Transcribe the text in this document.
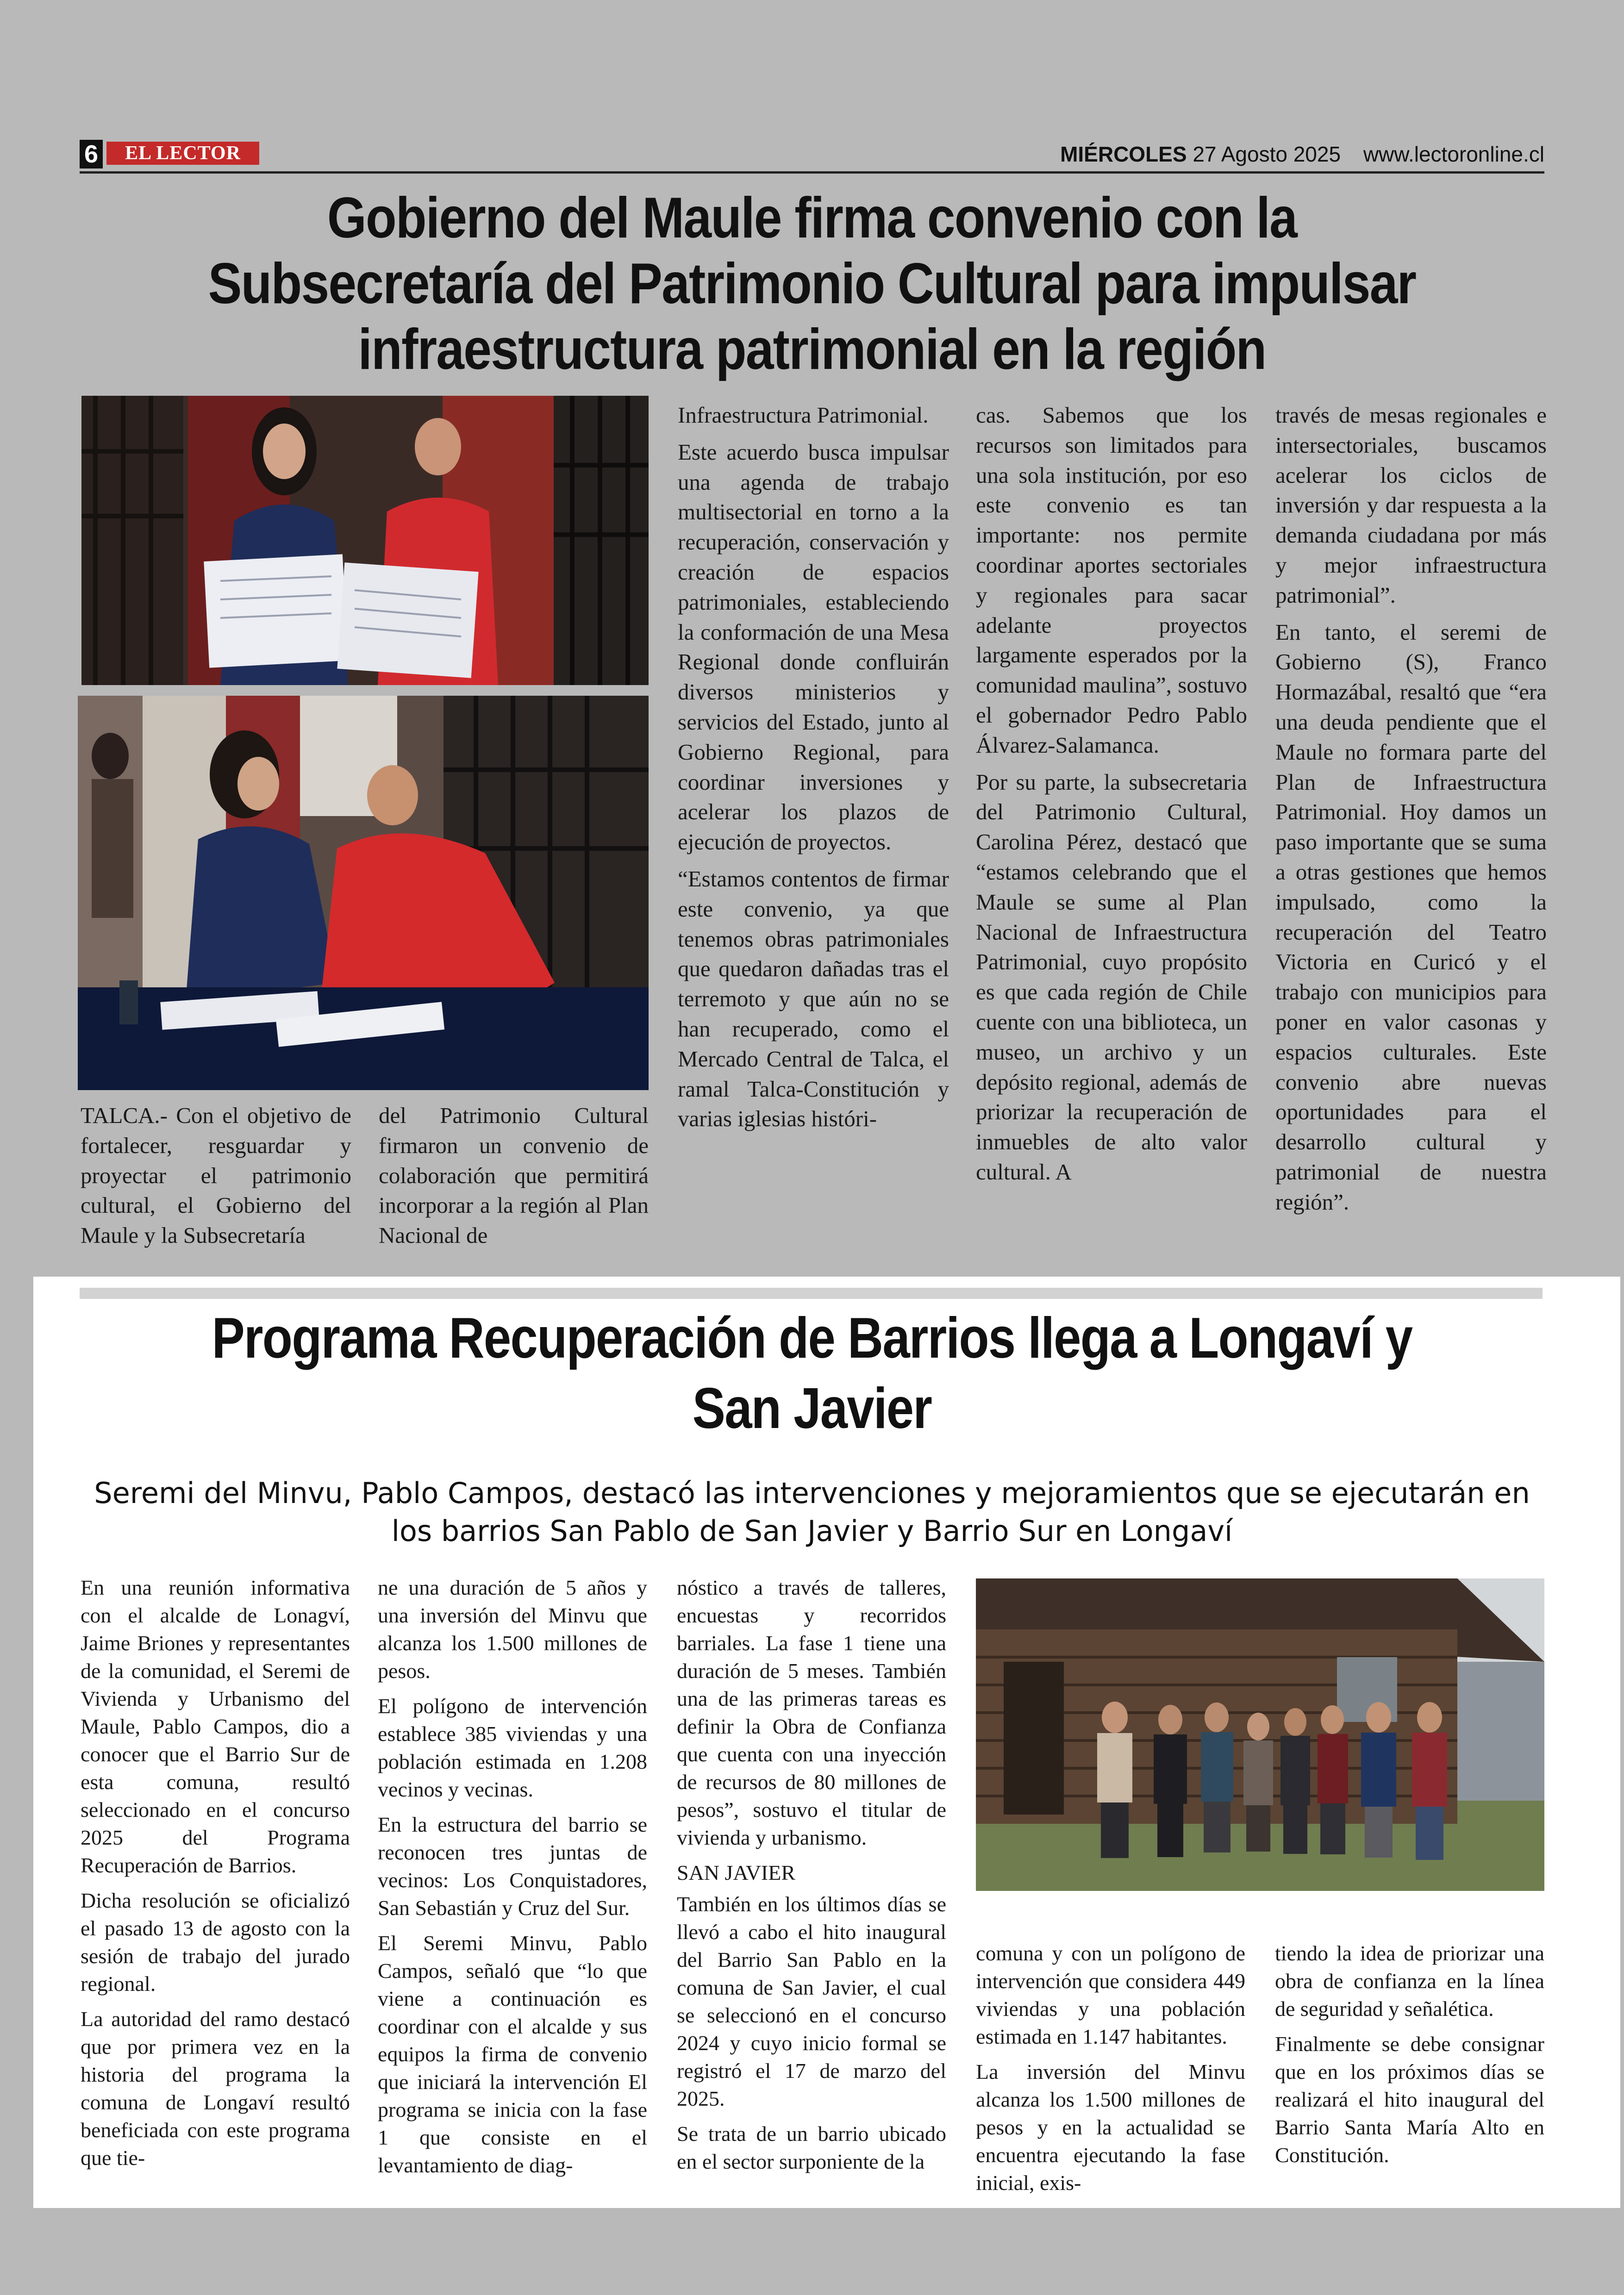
6	EL LECTOR	MIÉRCOLES 27 Agosto 2025 www.lectoronline.cl
Gobierno del Maule firma convenio con la Subsecretaría del Patrimonio Cultural para impulsar infraestructura patrimonial en la región

TALCA.- Con el objetivo de fortalecer, resguardar y proyectar el patrimonio cultural, el Gobierno del Maule y la Subsecretaría

del Patrimonio Cultural firmaron un convenio de colaboración que permitirá incorporar a la región al Plan Nacional de

Infraestructura Patrimonial.

Este acuerdo busca impulsar una agenda de trabajo multisectorial en torno a la recuperación, conservación y creación de espacios patrimoniales, estableciendo la conformación de una Mesa Regional donde confluirán diversos ministerios y servicios del Estado, junto al Gobierno Regional, para coordinar inversiones y acelerar los plazos de ejecución de proyectos.

“Estamos contentos de firmar este convenio, ya que tenemos obras patrimoniales que quedaron dañadas tras el terremoto y que aún no se han recuperado, como el Mercado Central de Talca, el ramal Talca-Constitución y varias iglesias históri-

cas. Sabemos que los recursos son limitados para una sola institución, por eso este convenio es tan importante: nos permite coordinar aportes sectoriales y regionales para sacar adelante proyectos largamente esperados por la comunidad maulina”, sostuvo el gobernador Pedro Pablo Álvarez-Salamanca.

Por su parte, la subsecretaria del Patrimonio Cultural, Carolina Pérez, destacó que “estamos celebrando que el Maule se sume al Plan Nacional de Infraestructura Patrimonial, cuyo propósito es que cada región de Chile cuente con una biblioteca, un museo, un archivo y un depósito regional, además de priorizar la recuperación de inmuebles de alto valor cultural. A

través de mesas regionales e intersectoriales, buscamos acelerar los ciclos de inversión y dar respuesta a la demanda ciudadana por más y mejor infraestructura patrimonial”.

En tanto, el seremi de Gobierno (S), Franco Hormazábal, resaltó que “era una deuda pendiente que el Maule no formara parte del Plan de Infraestructura Patrimonial. Hoy damos un paso importante que se suma a otras gestiones que hemos impulsado, como la recuperación del Teatro Victoria en Curicó y el trabajo con municipios para poner en valor casonas y espacios culturales. Este convenio abre nuevas oportunidades para el desarrollo cultural y patrimonial de nuestra región”.

Programa Recuperación de Barrios llega a Longaví y San Javier
Seremi del Minvu, Pablo Campos, destacó las intervenciones y mejoramientos que se ejecutarán en los barrios San Pablo de San Javier y Barrio Sur en Longaví

En una reunión informativa con el alcalde de Lonagví, Jaime Briones y representantes de la comunidad, el Seremi de Vivienda y Urbanismo del Maule, Pablo Campos, dio a conocer que el Barrio Sur de esta comuna, resultó seleccionado en el concurso 2025 del Programa Recuperación de Barrios.

Dicha resolución se oficializó el pasado 13 de agosto con la sesión de trabajo del jurado regional.

La autoridad del ramo destacó que por primera vez en la historia del programa la comuna de Longaví resultó beneficiada con este programa que tie-

ne una duración de 5 años y una inversión del Minvu que alcanza los 1.500 millones de pesos.

El polígono de intervención establece 385 viviendas y una población estimada en 1.208 vecinos y vecinas.

En la estructura del barrio se reconocen tres juntas de vecinos: Los Conquistadores, San Sebastián y Cruz del Sur.

El Seremi Minvu, Pablo Campos, señaló que “lo que viene a continuación es coordinar con el alcalde y sus equipos la firma de convenio que iniciará la intervención El programa se inicia con la fase 1 que consiste en el levantamiento de diag-

nóstico a través de talleres, encuestas y recorridos barriales. La fase 1 tiene una duración de 5 meses. También una de las primeras tareas es definir la Obra de Confianza que cuenta con una inyección de recursos de 80 millones de pesos”, sostuvo el titular de vivienda y urbanismo.

SAN JAVIER

También en los últimos días se llevó a cabo el hito inaugural del Barrio San Pablo en la comuna de San Javier, el cual se seleccionó en el concurso 2024 y cuyo inicio formal se registró el 17 de marzo del 2025.

Se trata de un barrio ubicado en el sector surponiente de la

comuna y con un polígono de intervención que considera 449 viviendas y una población estimada en 1.147 habitantes.

La inversión del Minvu alcanza los 1.500 millones de pesos y en la actualidad se encuentra ejecutando la fase inicial, exis-

tiendo la idea de priorizar una obra de confianza en la línea de seguridad y señalética.

Finalmente se debe consignar que en los próximos días se realizará el hito inaugural del Barrio Santa María Alto en Constitución.
